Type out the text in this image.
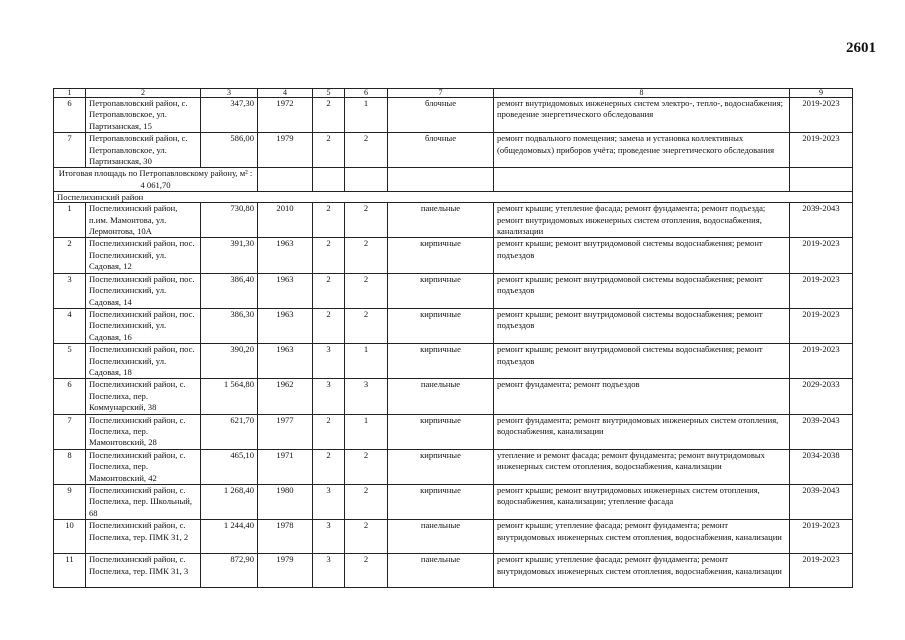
2601
1	2	3	4	5	6	7	8	9
6	Петропавловский район, с. Петропавловское, ул. Партизанская, 15	347,30	1972	2	1	блочные	ремонт внутридомовых инженерных систем электро-, тепло-, водоснабжения; проведение энергетического обследования	2019-2023
7	Петропавловский район, с. Петропавловское, ул. Партизанская, 30	586,00	1979	2	2	блочные	ремонт подвального помещения; замена и установка коллективных (общедомовых) приборов учёта; проведение энергетического обследования	2019-2023
Итоговая площадь по Петропавловскому району, м² : 4 061,70								
Поспелихинский район								
1	Поспелихинский район, п.им. Мамонтова, ул. Лермонтова, 10А	730,80	2010	2	2	панельные	ремонт крыши; утепление фасада; ремонт фундамента; ремонт подъезда; ремонт внутридомовых инженерных систем отопления, водоснабжения, канализации	2039-2043
2	Поспелихинский район, пос. Поспелихинский, ул. Садовая, 12	391,30	1963	2	2	кирпичные	ремонт крыши; ремонт внутридомовой системы водоснабжения; ремонт подъездов	2019-2023
3	Поспелихинский район, пос. Поспелихинский, ул. Садовая, 14	386,40	1963	2	2	кирпичные	ремонт крыши; ремонт внутридомовой системы водоснабжения; ремонт подъездов	2019-2023
4	Поспелихинский район, пос. Поспелихинский, ул. Садовая, 16	386,30	1963	2	2	кирпичные	ремонт крыши; ремонт внутридомовой системы водоснабжения; ремонт подъездов	2019-2023
5	Поспелихинский район, пос. Поспелихинский, ул. Садовая, 18	390,20	1963	3	1	кирпичные	ремонт крыши; ремонт внутридомовой системы водоснабжения; ремонт подъездов	2019-2023
6	Поспелихинский район, с. Поспелиха, пер. Коммунарский, 38	1 564,80	1962	3	3	панельные	ремонт фундамента; ремонт подъездов	2029-2033
7	Поспелихинский район, с. Поспелиха, пер. Мамонтовский, 28	621,70	1977	2	1	кирпичные	ремонт фундамента; ремонт внутридомовых инженерных систем отопления, водоснабжения, канализации	2039-2043
8	Поспелихинский район, с. Поспелиха, пер. Мамонтовский, 42	465,10	1971	2	2	кирпичные	утепление и ремонт фасада; ремонт фундамента; ремонт внутридомовых инженерных систем отопления, водоснабжения, канализации	2034-2038
9	Поспелихинский район, с. Поспелиха, пер. Школьный, 68	1 268,40	1980	3	2	кирпичные	ремонт крыши; ремонт внутридомовых инженерных систем отопления, водоснабжения, канализации; утепление фасада	2039-2043
10	Поспелихинский район, с. Поспелиха, тер. ПМК 31, 2	1 244,40	1978	3	2	панельные	ремонт крыши; утепление фасада; ремонт фундамента; ремонт внутридомовых инженерных систем отопления, водоснабжения, канализации	2019-2023
11	Поспелихинский район, с. Поспелиха, тер. ПМК 31, 3	872,90	1979	3	2	панельные	ремонт крыши; утепление фасада; ремонт фундамента; ремонт внутридомовых инженерных систем отопления, водоснабжения, канализации	2019-2023
